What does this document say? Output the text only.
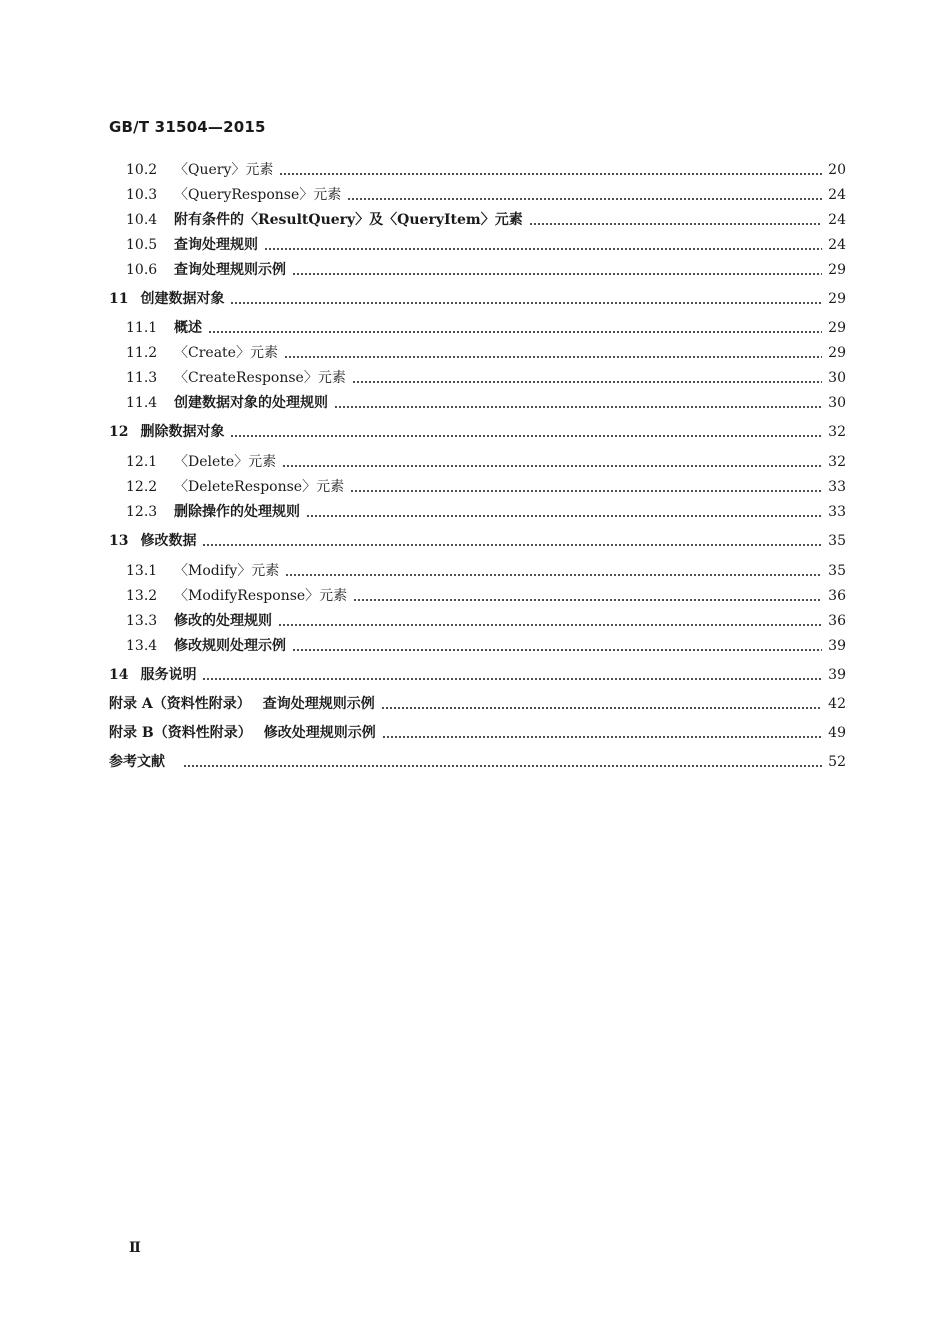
GB/T 31504—2015
10.2	〈Query〉元素	20
10.3	〈QueryResponse〉元素	24
10.4	附有条件的〈ResultQuery〉及〈QueryItem〉元素	24
10.5	查询处理规则	24
10.6	查询处理规则示例	29
11 创建数据对象	29
11.1	概述	29
11.2	〈Create〉元素	29
11.3	〈CreateResponse〉元素	30
11.4	创建数据对象的处理规则	30
12 删除数据对象	32
12.1	〈Delete〉元素	32
12.2	〈DeleteResponse〉元素	33
12.3	删除操作的处理规则	33
13 修改数据	35
13.1	〈Modify〉元素	35
13.2	〈ModifyResponse〉元素	36
13.3	修改的处理规则	36
13.4	修改规则处理示例	39
14 服务说明	39
附录 A（资料性附录） 查询处理规则示例	42
附录 B（资料性附录） 修改处理规则示例	49
参考文献	52
Ⅱ
